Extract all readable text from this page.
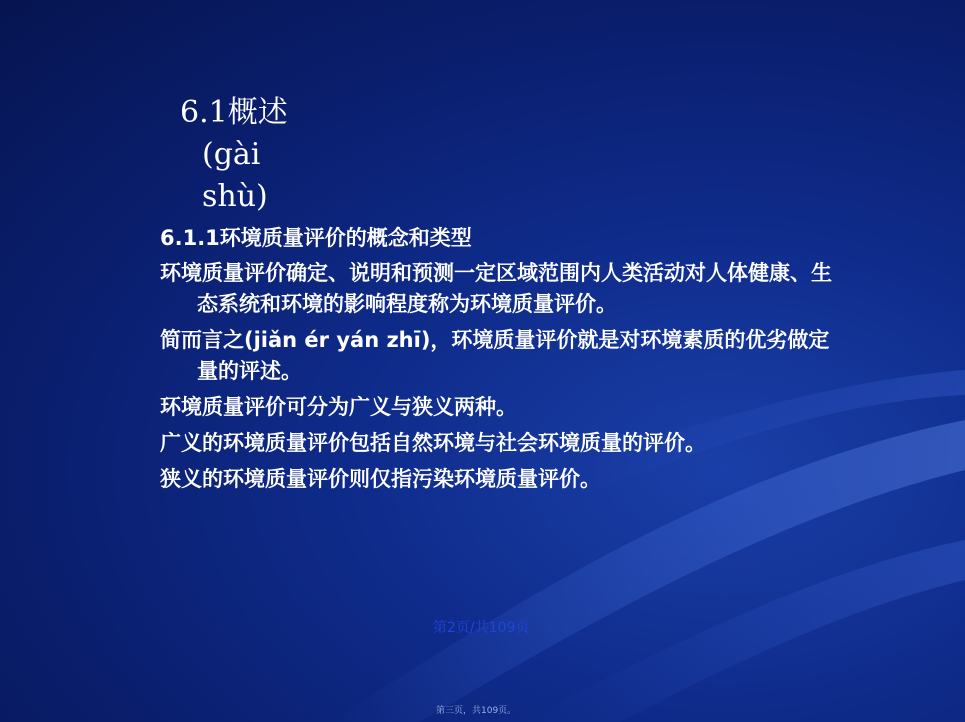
6.1概述
(gài
shù)
6.1.1环境质量评价的概念和类型
环境质量评价确定、说明和预测一定区域范围内人类活动对人体健康、生态系统和环境的影响程度称为环境质量评价。
简而言之(jiǎn ér yán zhī)，环境质量评价就是对环境素质的优劣做定量的评述。
环境质量评价可分为广义与狭义两种。
广义的环境质量评价包括自然环境与社会环境质量的评价。
狭义的环境质量评价则仅指污染环境质量评价。
第2页/共109页
第三页，共109页。
